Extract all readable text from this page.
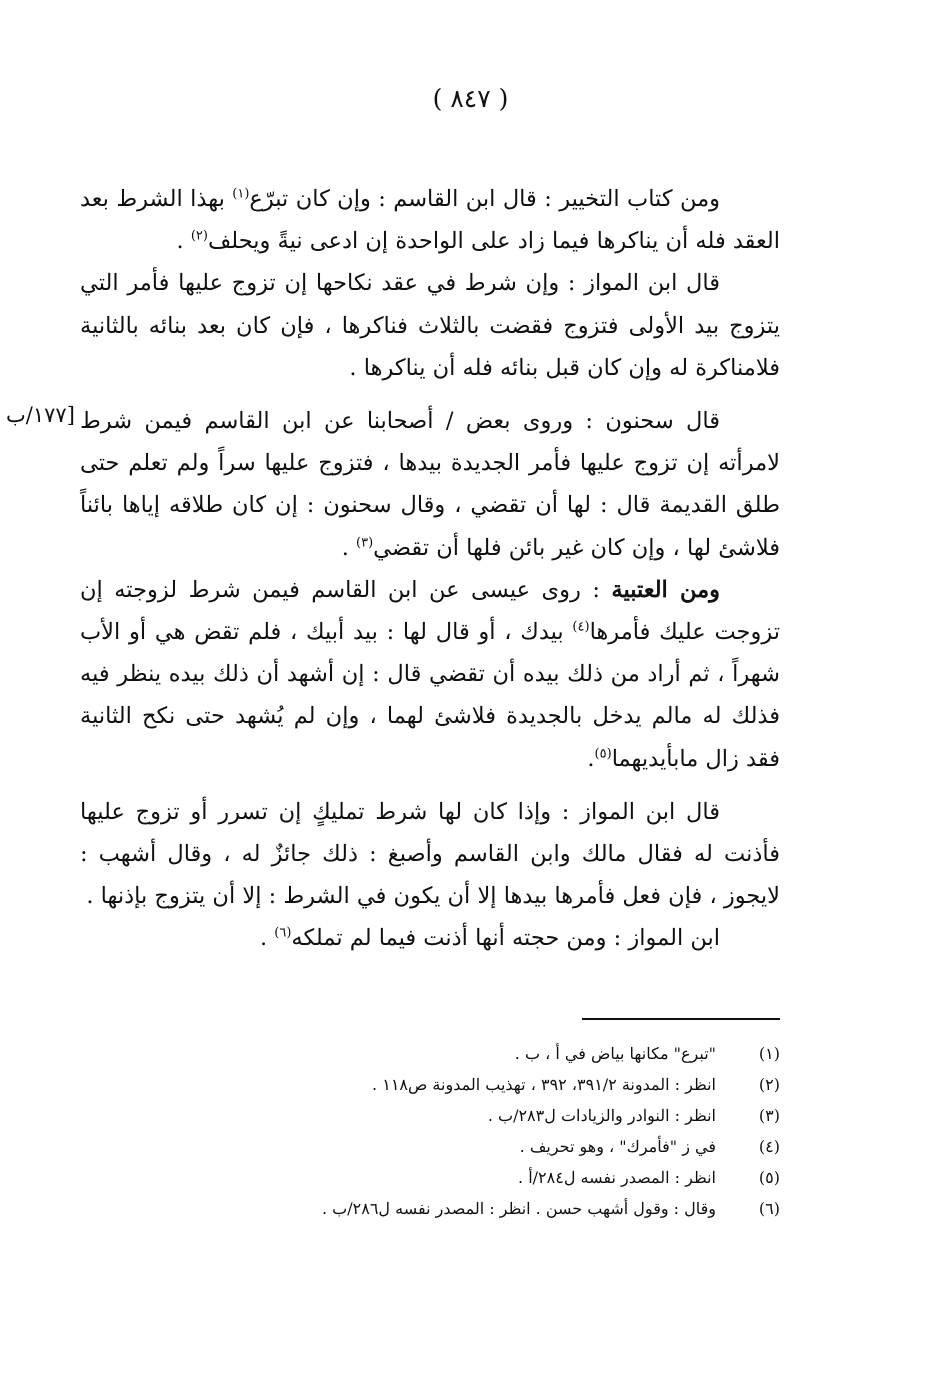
( ٨٤٧ )
[١٧٧/ب

ومن كتاب التخيير : قال ابن القاسم : وإن كان تبرّع$^{(١)}$ بهذا الشرط بعد العقد فله أن يناكرها فيما زاد على الواحدة إن ادعى نيةً ويحلف$^{(٢)}$ .

قال ابن المواز : وإن شرط في عقد نكاحها إن تزوج عليها فأمر التي يتزوج بيد الأولى فتزوج فقضت بالثلاث فناكرها ، فإن كان بعد بنائه بالثانية فلامناكرة له وإن كان قبل بنائه فله أن يناكرها .

قال سحنون : وروى بعض / أصحابنا عن ابن القاسم فيمن شرط لامرأته إن تزوج عليها فأمر الجديدة بيدها ، فتزوج عليها سراً ولم تعلم حتى طلق القديمة قال : لها أن تقضي ، وقال سحنون : إن كان طلاقه إياها بائناً فلاشئ لها ، وإن كان غير بائن فلها أن تقضي$^{(٣)}$ .

ومن العتبية : روى عيسى عن ابن القاسم فيمن شرط لزوجته إن تزوجت عليك فأمرها$^{(٤)}$ بيدك ، أو قال لها : بيد أبيك ، فلم تقض هي أو الأب شهراً ، ثم أراد من ذلك بيده أن تقضي قال : إن أشهد أن ذلك بيده ينظر فيه فذلك له مالم يدخل بالجديدة فلاشئ لهما ، وإن لم يُشهد حتى نكح الثانية فقد زال مابأيديهما$^{(٥)}$.

قال ابن المواز : وإذا كان لها شرط تمليكٍ إن تسرر أو تزوج عليها فأذنت له فقال مالك وابن القاسم وأصبغ : ذلك جائزٌ له ، وقال أشهب : لايجوز ، فإن فعل فأمرها بيدها إلا أن يكون في الشرط : إلا أن يتزوج بإذنها .

ابن المواز : ومن حجته أنها أذنت فيما لم تملكه$^{(٦)}$ .

(١)
"تبرع" مكانها بياض في أ ، ب .
(٢)
انظر : المدونة ٣٩١/٢، ٣٩٢ ، تهذيب المدونة ص١١٨ .
(٣)
انظر : النوادر والزيادات ل٢٨٣/ب .
(٤)
في ز "فأمرك" ، وهو تحريف .
(٥)
انظر : المصدر نفسه ل٢٨٤/أ .
(٦)
وقال : وقول أشهب حسن . انظر : المصدر نفسه ل٢٨٦/ب .
